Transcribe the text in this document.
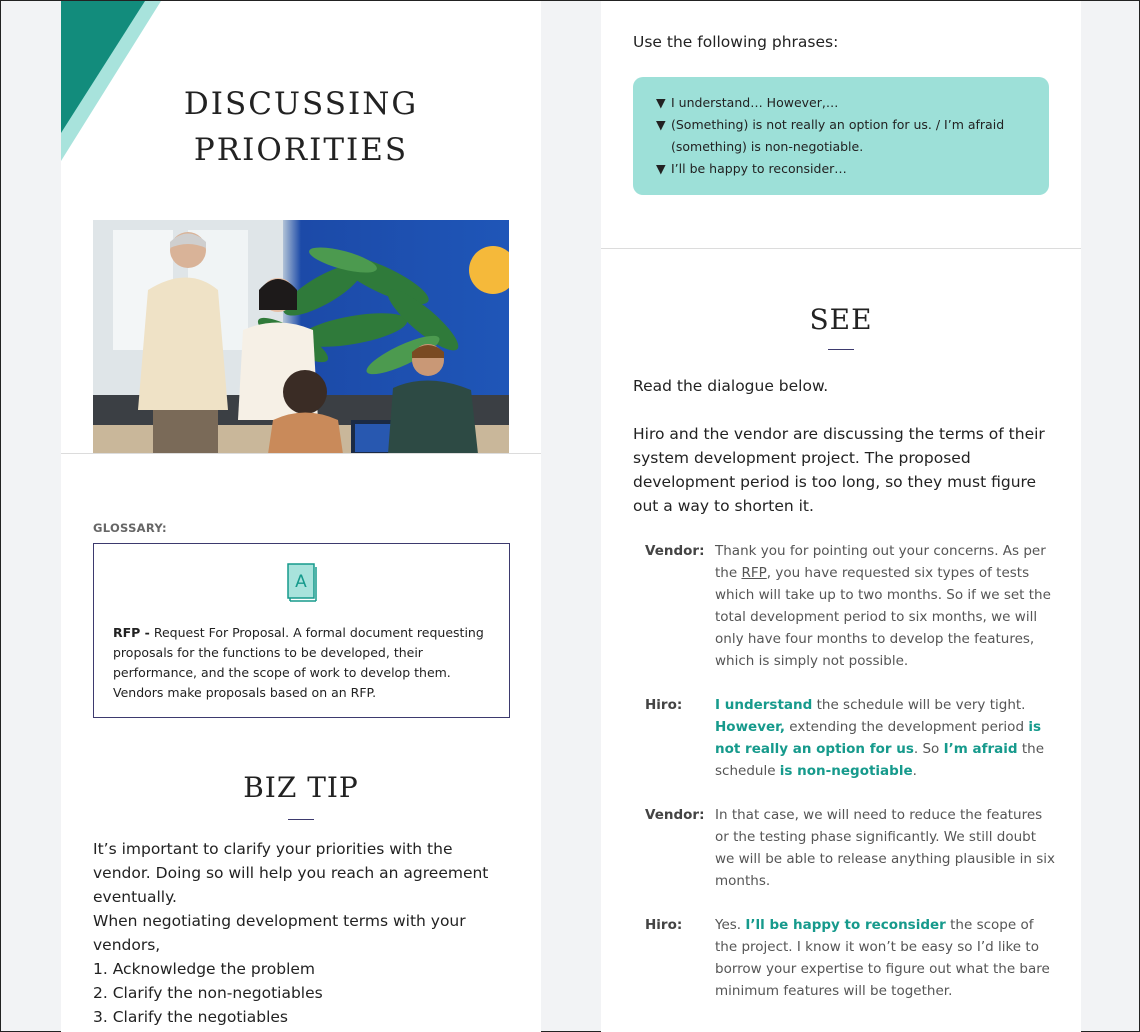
DISCUSSING
PRIORITIES
GLOSSARY:
A
RFP - Request For Proposal. A formal document requesting proposals for the functions to be developed, their performance, and the scope of work to develop them. Vendors make proposals based on an RFP.
BIZ TIP
It’s important to clarify your priorities with the vendor. Doing so will help you reach an agreement eventually.
When negotiating development terms with your vendors,
1. Acknowledge the problem
2. Clarify the non-negotiables
3. Clarify the negotiables
Use the following phrases:
▼ I understand… However,…
▼ (Something) is not really an option for us. / I’m afraid (something) is non-negotiable.
▼ I’ll be happy to reconsider…
SEE
Read the dialogue below.
Hiro and the vendor are discussing the terms of their system development project. The proposed development period is too long, so they must figure out a way to shorten it.
Vendor: Thank you for pointing out your concerns. As per the RFP, you have requested six types of tests which will take up to two months. So if we set the total development period to six months, we will only have four months to develop the features, which is simply not possible.
Hiro:	I understand the schedule will be very tight. However, extending the development period is not really an option for us. So I’m afraid the schedule is non-negotiable.
Vendor: In that case, we will need to reduce the features or the testing phase significantly. We still doubt we will be able to release anything plausible in six months.
Hiro:	Yes. I’ll be happy to reconsider the scope of the project. I know it won’t be easy so I’d like to borrow your expertise to figure out what the bare minimum features will be together.
